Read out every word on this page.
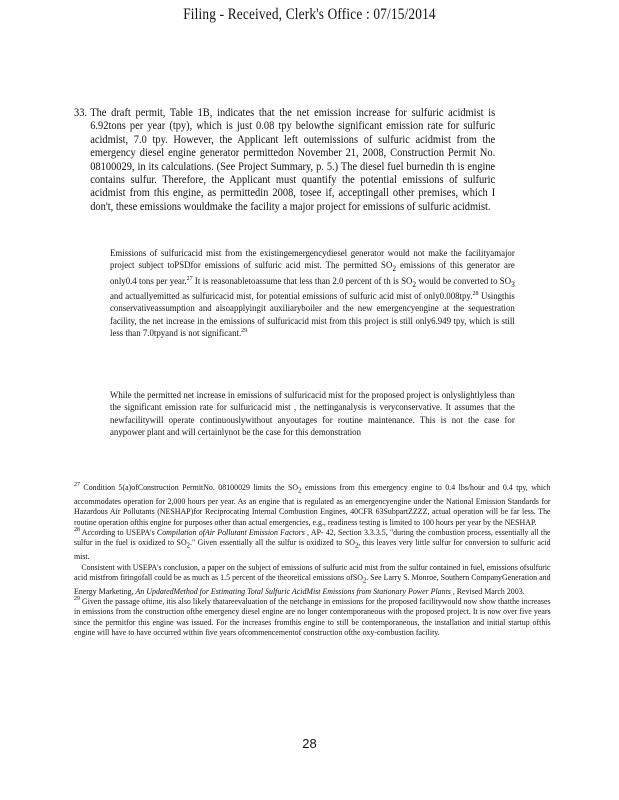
Filing - Received, Clerk's Office : 07/15/2014
33. The draft permit, Table 1B, indicates that the net emission increase for sulfuric acidmist is 6.92tons per year (tpy), which is just 0.08 tpy belowthe significant emission rate for sulfuric acidmist, 7.0 tpy. However, the Applicant left outemissions of sulfuric acidmist from the emergency diesel engine generator permittedon November 21, 2008, Construction Permit No. 08100029, in its calculations. (See Project Summary, p. 5.) The diesel fuel burnedin th is engine contains sulfur. Therefore, the Applicant must quantify the potential emissions of sulfuric acidmist from this engine, as permittedin 2008, tosee if, acceptingall other premises, which I don't, these emissions wouldmake the facility a major project for emissions of sulfuric acidmist.
Emissions of sulfuricacid mist from the existingemergencydiesel generator would not make the facilityamajor project subject toPSDfor emissions of sulfuric acid mist. The permitted $SO_2$ emissions of this generator are only0.4 tons per year.$^{27}$ It is reasonabletoassume that less than 2.0 percent of th is $SO_2$ would be converted to $SO_3$ and actuallyemitted as sulfuricacid mist, for potential emissions of sulfuric acid mist of only0.008tpy.$^{28}$ Usingthis conservativeassumption and alsoapplyingit auxiliaryboiler and the new emergencyengine at the sequestration facility, the net increase in the emissions of sulfuricacid mist from this project is still only6.949 tpy, which is still less than 7.0tpyand is not significant.$^{29}$
While the permitted net increase in emissions of sulfuricacid mist for the proposed project is onlyslightlyless than the significant emission rate for sulfuricacid mist , the nettinganalysis is veryconservative. It assumes that the newfacilitywill operate continuouslywithout anyoutages for routine maintenance. This is not the case for anypower plant and will certainlynot be the case for this demonstration

$^{27}$ Condition 5(a)ofConstruction PermitNo. 08100029 limits the $SO_2$ emissions from this emergency engine to 0.4 lbs/hour and 0.4 tpy, which accommodates operation for 2,000 hours per year. As an engine that is regulated as an emergencyengine under the National Emission Standards for Hazardous Air Pollutants (NESHAP)for Reciprocating Internal Combustion Engines, 40CFR 63SubpartZZZZ, actual operation will be far less. The routine operation ofthis engine for purposes other than actual emergencies, e.g., readiness testing is limited to 100 hours per year by the NESHAP.

$^{28}$ According to USEPA's Compilation ofAir Pollutant Emission Factors , AP- 42, Section 3.3.3.5, "during the combustion process, essentially all the sulfur in the fuel is oxidized to $SO_2$." Given essentially all the sulfur is oxidized to $SO_2$, this leaves very little sulfur for conversion to sulfuric acid mist.

Consistent with USEPA's conclusion, a paper on the subject of emissions of sulfuric acid mist from the sulfur contained in fuel, emissions ofsulfuric acid mistfrom firingofall could be as much as 1.5 percent of the theoretical emissions ofSO$_2$. See Larry S. Monroe, Southern CompanyGeneration and Energy Marketing, An UpdatedMethod for Estimating Total Sulfuric AcidMist Emissions from Stationary Power Plants , Revised March 2003.

$^{29}$ Given the passage oftime, itis also likely thatareevaluation of the netchange in emissions for the proposed facilitywould now show thatthe increases in emissions from the construction ofthe emergency diesel engine are no longer contemporaneous with the proposed project. It is now over five years since the permitfor this engine was issued. For the increases fromthis engine to still be contemporaneous, the installation and initial startup ofthis engine will have to have occurred within five years ofcommencementof construction ofthe oxy-combustion facility.

28
